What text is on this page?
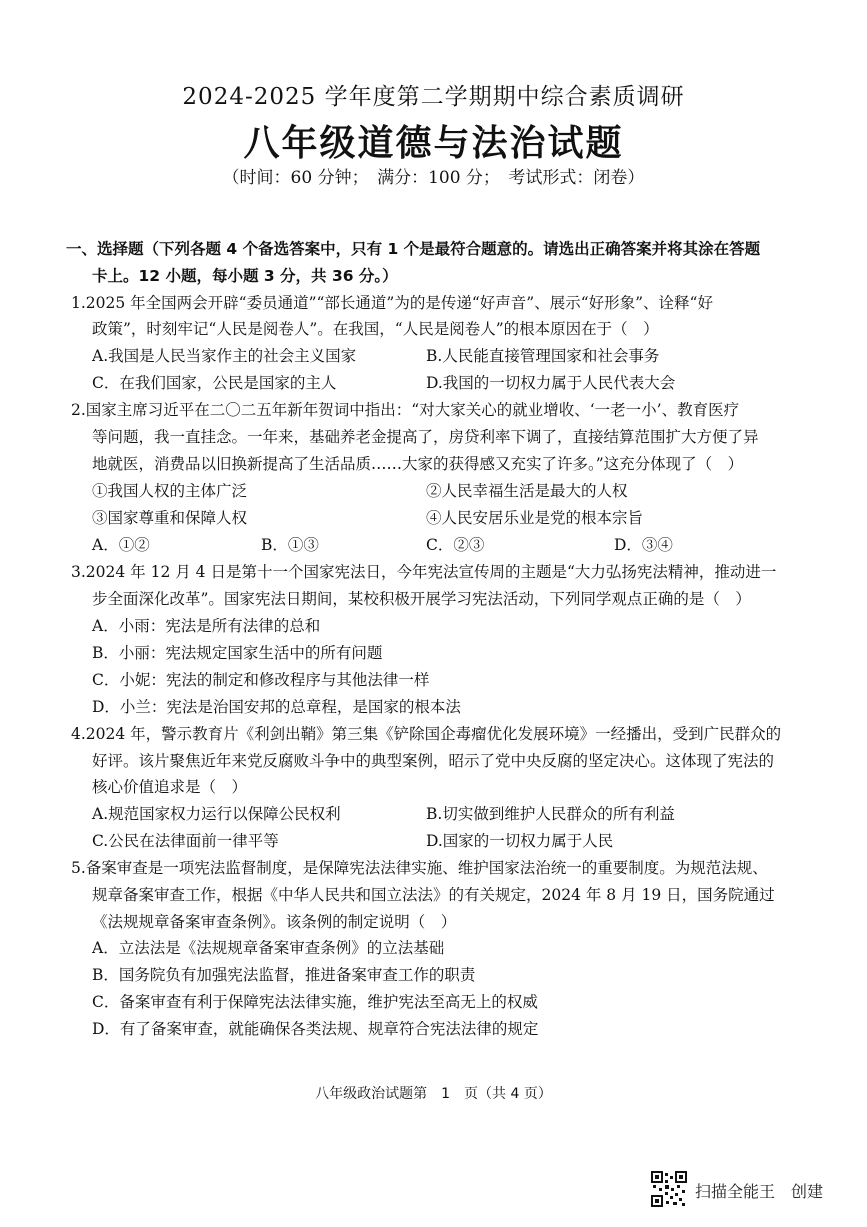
2024-2025 学年度第二学期期中综合素质调研
八年级道德与法治试题
（时间：60 分钟；　满分：100 分；　考试形式：闭卷）
一、选择题（下列各题 4 个备选答案中，只有 1 个是最符合题意的。请选出正确答案并将其涂在答题
卡上。12 小题，每小题 3 分，共 36 分。）
1.2025 年全国两会开辟“委员通道”“部长通道”为的是传递“好声音”、展示“好形象”、诠释“好
政策”，时刻牢记“人民是阅卷人”。在我国，“人民是阅卷人”的根本原因在于（　）
A.我国是人民当家作主的社会主义国家	B.人民能直接管理国家和社会事务
C．在我们国家，公民是国家的主人	D.我国的一切权力属于人民代表大会
2.国家主席习近平在二〇二五年新年贺词中指出：“对大家关心的就业增收、‘一老一小’、教育医疗
等问题，我一直挂念。一年来，基础养老金提高了，房贷利率下调了，直接结算范围扩大方便了异
地就医，消费品以旧换新提高了生活品质……大家的获得感又充实了许多。”这充分体现了（　）
①我国人权的主体广泛	②人民幸福生活是最大的人权
③国家尊重和保障人权	④人民安居乐业是党的根本宗旨
A．①②	B．①③	C．②③	D．③④
3.2024 年 12 月 4 日是第十一个国家宪法日，今年宪法宣传周的主题是“大力弘扬宪法精神，推动进一
步全面深化改革”。国家宪法日期间，某校积极开展学习宪法活动，下列同学观点正确的是（　）
A．小雨：宪法是所有法律的总和
B．小丽：宪法规定国家生活中的所有问题
C．小妮：宪法的制定和修改程序与其他法律一样
D．小兰：宪法是治国安邦的总章程，是国家的根本法
4.2024 年，警示教育片《利剑出鞘》第三集《铲除国企毒瘤优化发展环境》一经播出，受到广民群众的
好评。该片聚焦近年来党反腐败斗争中的典型案例，昭示了党中央反腐的坚定决心。这体现了宪法的
核心价值追求是（　）
A.规范国家权力运行以保障公民权利	B.切实做到维护人民群众的所有利益
C.公民在法律面前一律平等	D.国家的一切权力属于人民
5.备案审查是一项宪法监督制度，是保障宪法法律实施、维护国家法治统一的重要制度。为规范法规、
规章备案审查工作，根据《中华人民共和国立法法》的有关规定，2024 年 8 月 19 日，国务院通过
《法规规章备案审查条例》。该条例的制定说明（　）
A．立法法是《法规规章备案审查条例》的立法基础
B．国务院负有加强宪法监督，推进备案审查工作的职责
C．备案审查有利于保障宪法法律实施，维护宪法至高无上的权威
D．有了备案审查，就能确保各类法规、规章符合宪法法律的规定
八年级政治试题第　1　页（共 4 页）
扫描全能王　创建
